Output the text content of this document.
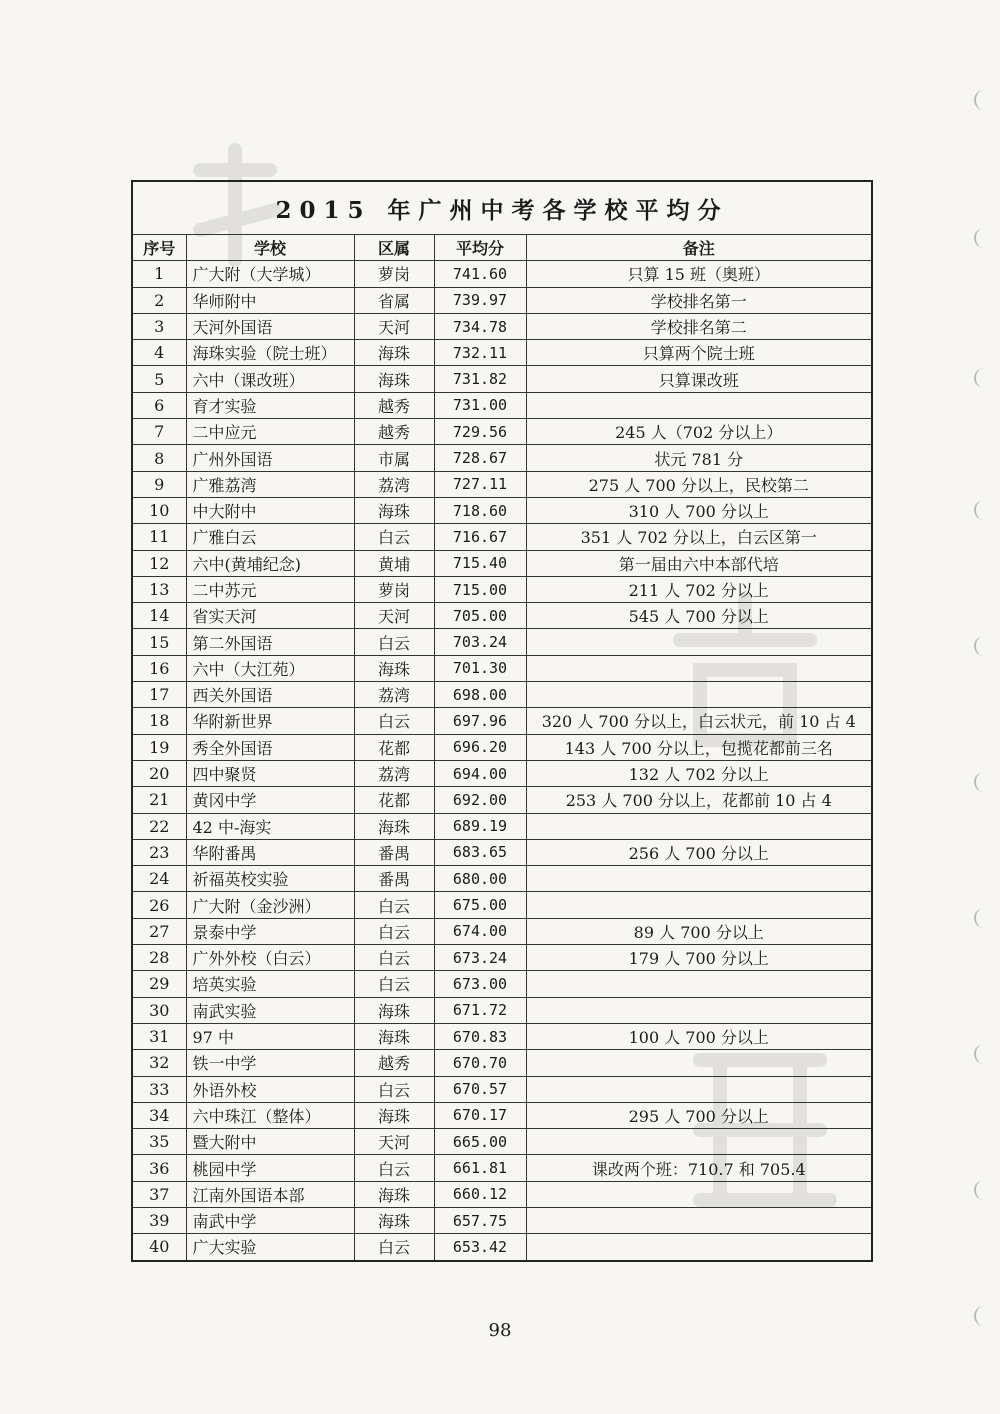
2015 年广州中考各学校平均分				
序号	学校	区属	平均分	备注
1	广大附（大学城）	萝岗	741.60	只算 15 班（奥班）
2	华师附中	省属	739.97	学校排名第一
3	天河外国语	天河	734.78	学校排名第二
4	海珠实验（院士班）	海珠	732.11	只算两个院士班
5	六中（课改班）	海珠	731.82	只算课改班
6	育才实验	越秀	731.00	
7	二中应元	越秀	729.56	245 人（702 分以上）
8	广州外国语	市属	728.67	状元 781 分
9	广雅荔湾	荔湾	727.11	275 人 700 分以上，民校第二
10	中大附中	海珠	718.60	310 人 700 分以上
11	广雅白云	白云	716.67	351 人 702 分以上，白云区第一
12	六中(黄埔纪念)	黄埔	715.40	第一届由六中本部代培
13	二中苏元	萝岗	715.00	211 人 702 分以上
14	省实天河	天河	705.00	545 人 700 分以上
15	第二外国语	白云	703.24	
16	六中（大江苑）	海珠	701.30	
17	西关外国语	荔湾	698.00	
18	华附新世界	白云	697.96	320 人 700 分以上，白云状元，前 10 占 4
19	秀全外国语	花都	696.20	143 人 700 分以上，包揽花都前三名
20	四中聚贤	荔湾	694.00	132 人 702 分以上
21	黄冈中学	花都	692.00	253 人 700 分以上，花都前 10 占 4
22	42 中-海实	海珠	689.19	
23	华附番禺	番禺	683.65	256 人 700 分以上
24	祈福英校实验	番禺	680.00	
26	广大附（金沙洲）	白云	675.00	
27	景泰中学	白云	674.00	89 人 700 分以上
28	广外外校（白云）	白云	673.24	179 人 700 分以上
29	培英实验	白云	673.00	
30	南武实验	海珠	671.72	
31	97 中	海珠	670.83	100 人 700 分以上
32	铁一中学	越秀	670.70	
33	外语外校	白云	670.57	
34	六中珠江（整体）	海珠	670.17	295 人 700 分以上
35	暨大附中	天河	665.00	
36	桃园中学	白云	661.81	课改两个班：710.7 和 705.4
37	江南外国语本部	海珠	660.12	
39	南武中学	海珠	657.75	
40	广大实验	白云	653.42	
98
